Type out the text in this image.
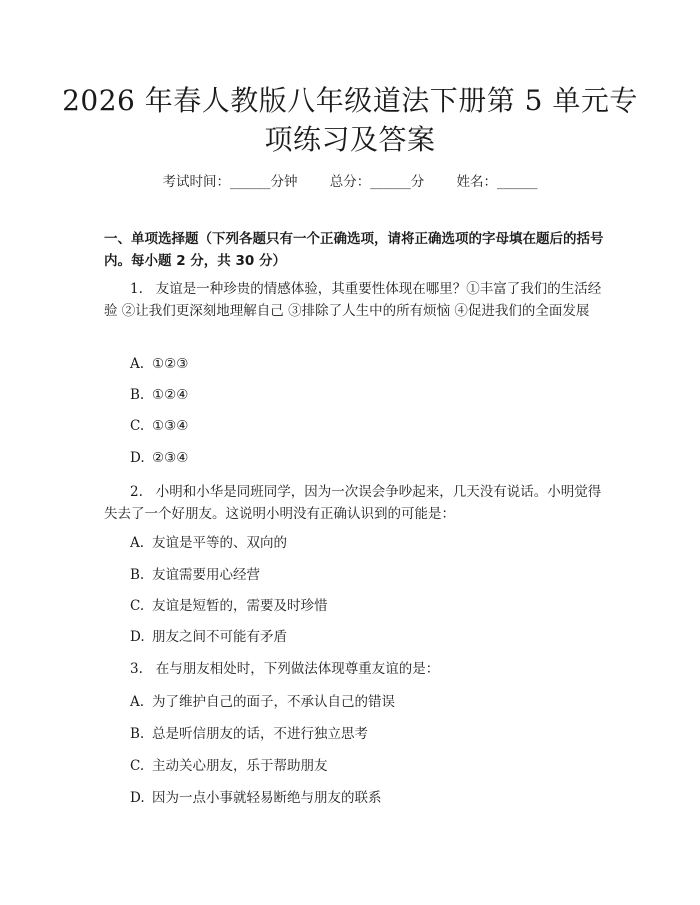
2026 年春人教版八年级道法下册第 5 单元专
项练习及答案
考试时间：______分钟 总分：______分 姓名：______
一、单项选择题（下列各题只有一个正确选项，请将正确选项的字母填在题后的括号内。每小题 2 分，共 30 分）
1.   友谊是一种珍贵的情感体验，其重要性体现在哪里？①丰富了我们的生活经验 ②让我们更深刻地理解自己 ③排除了人生中的所有烦恼 ④促进我们的全面发展
A. ①②③
B. ①②④
C. ①③④
D. ②③④
2.   小明和小华是同班同学，因为一次误会争吵起来，几天没有说话。小明觉得失去了一个好朋友。这说明小明没有正确认识到的可能是：
A. 友谊是平等的、双向的
B. 友谊需要用心经营
C. 友谊是短暂的，需要及时珍惜
D. 朋友之间不可能有矛盾
3.   在与朋友相处时，下列做法体现尊重友谊的是：
A. 为了维护自己的面子，不承认自己的错误
B. 总是听信朋友的话，不进行独立思考
C. 主动关心朋友，乐于帮助朋友
D. 因为一点小事就轻易断绝与朋友的联系
